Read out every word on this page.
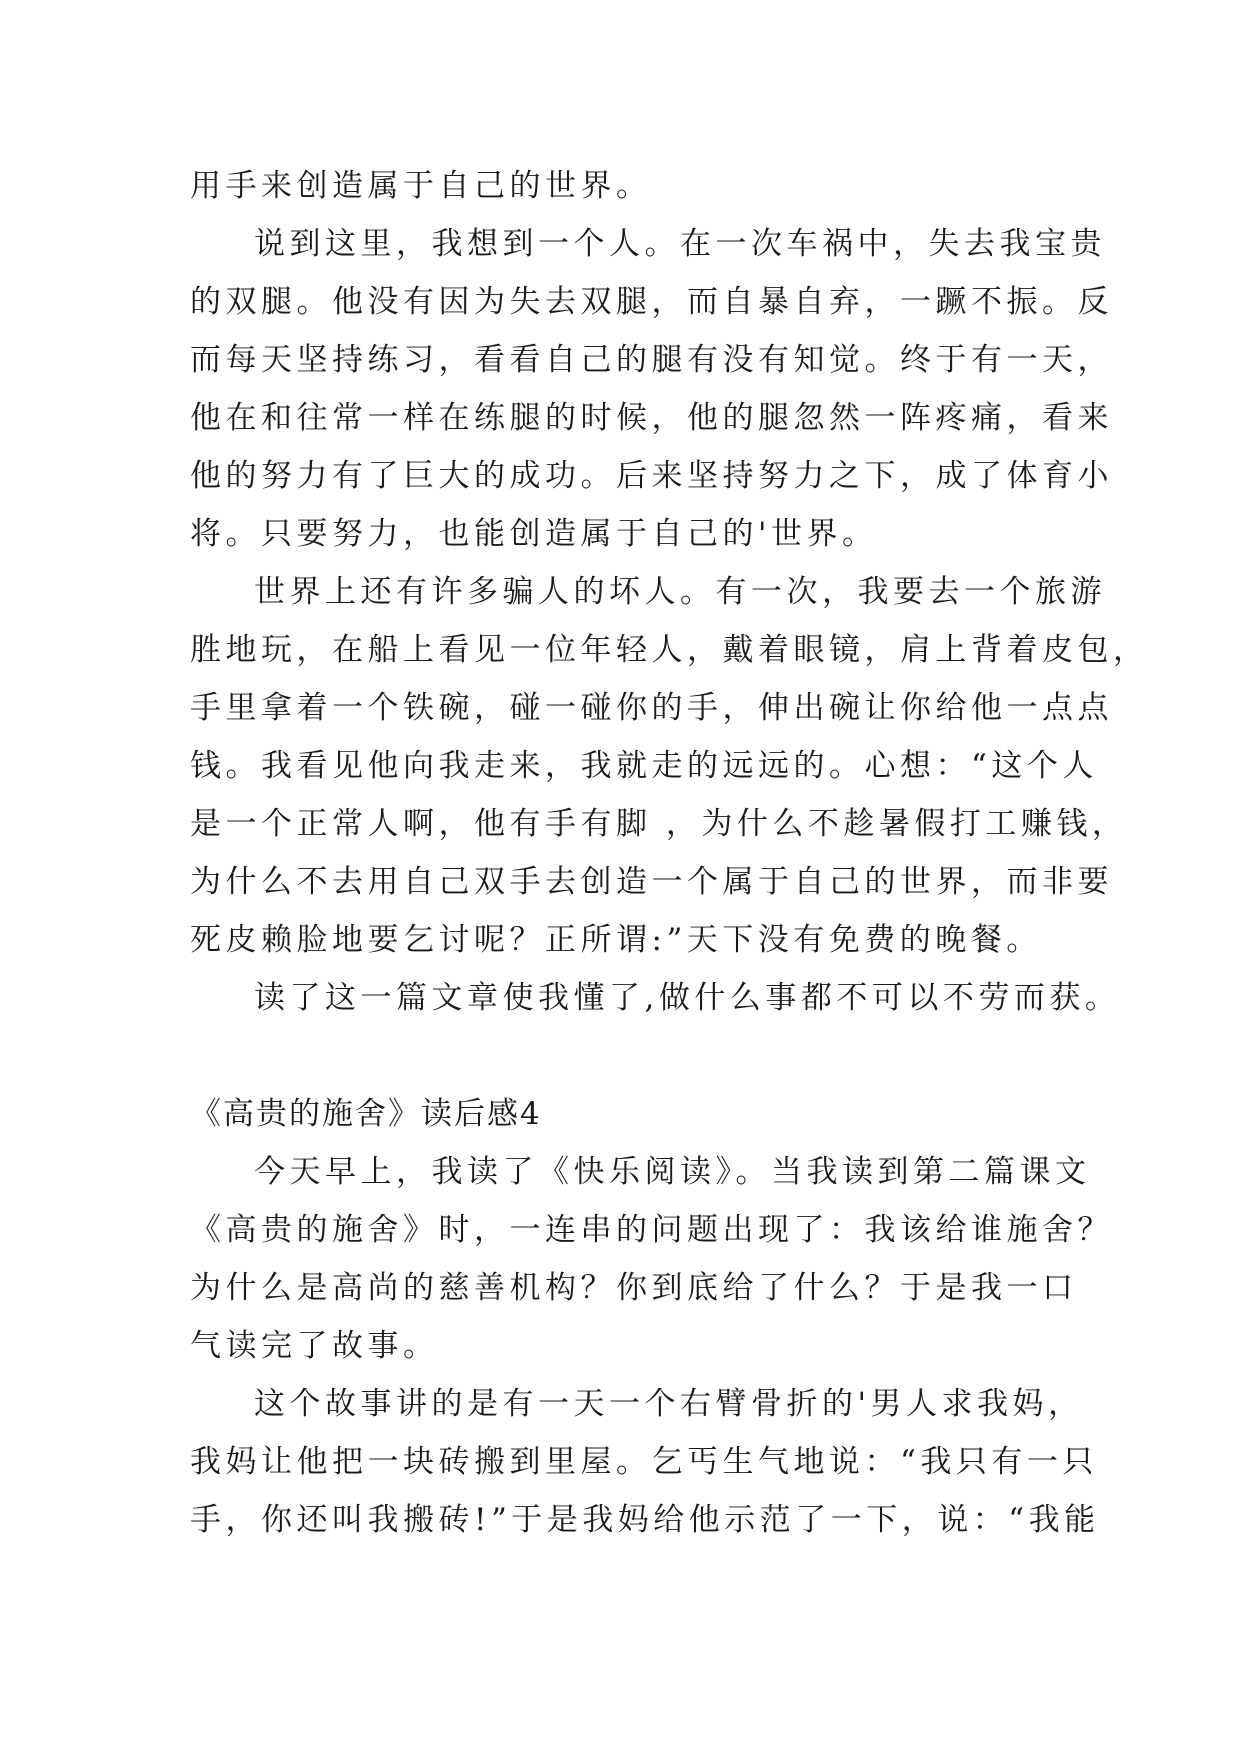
用手来创造属于自己的世界。
说到这里，我想到一个人。在一次车祸中，失去我宝贵
的双腿。他没有因为失去双腿，而自暴自弃，一蹶不振。反
而每天坚持练习，看看自己的腿有没有知觉。终于有一天，
他在和往常一样在练腿的时候，他的腿忽然一阵疼痛，看来
他的努力有了巨大的成功。后来坚持努力之下，成了体育小
将。只要努力，也能创造属于自己的'世界。
世界上还有许多骗人的坏人。有一次，我要去一个旅游
胜地玩，在船上看见一位年轻人，戴着眼镜，肩上背着皮包，
手里拿着一个铁碗，碰一碰你的手，伸出碗让你给他一点点
钱。我看见他向我走来，我就走的远远的。心想：“这个人
是一个正常人啊，他有手有脚 ，为什么不趁暑假打工赚钱，
为什么不去用自己双手去创造一个属于自己的世界，而非要
死皮赖脸地要乞讨呢？正所谓:”天下没有免费的晚餐。
读了这一篇文章使我懂了,做什么事都不可以不劳而获。
《高贵的施舍》读后感4
今天早上，我读了《快乐阅读》。当我读到第二篇课文
《高贵的施舍》时，一连串的问题出现了：我该给谁施舍？
为什么是高尚的慈善机构？你到底给了什么？于是我一口
气读完了故事。
这个故事讲的是有一天一个右臂骨折的'男人求我妈，
我妈让他把一块砖搬到里屋。乞丐生气地说：“我只有一只
手，你还叫我搬砖!”于是我妈给他示范了一下，说：“我能
